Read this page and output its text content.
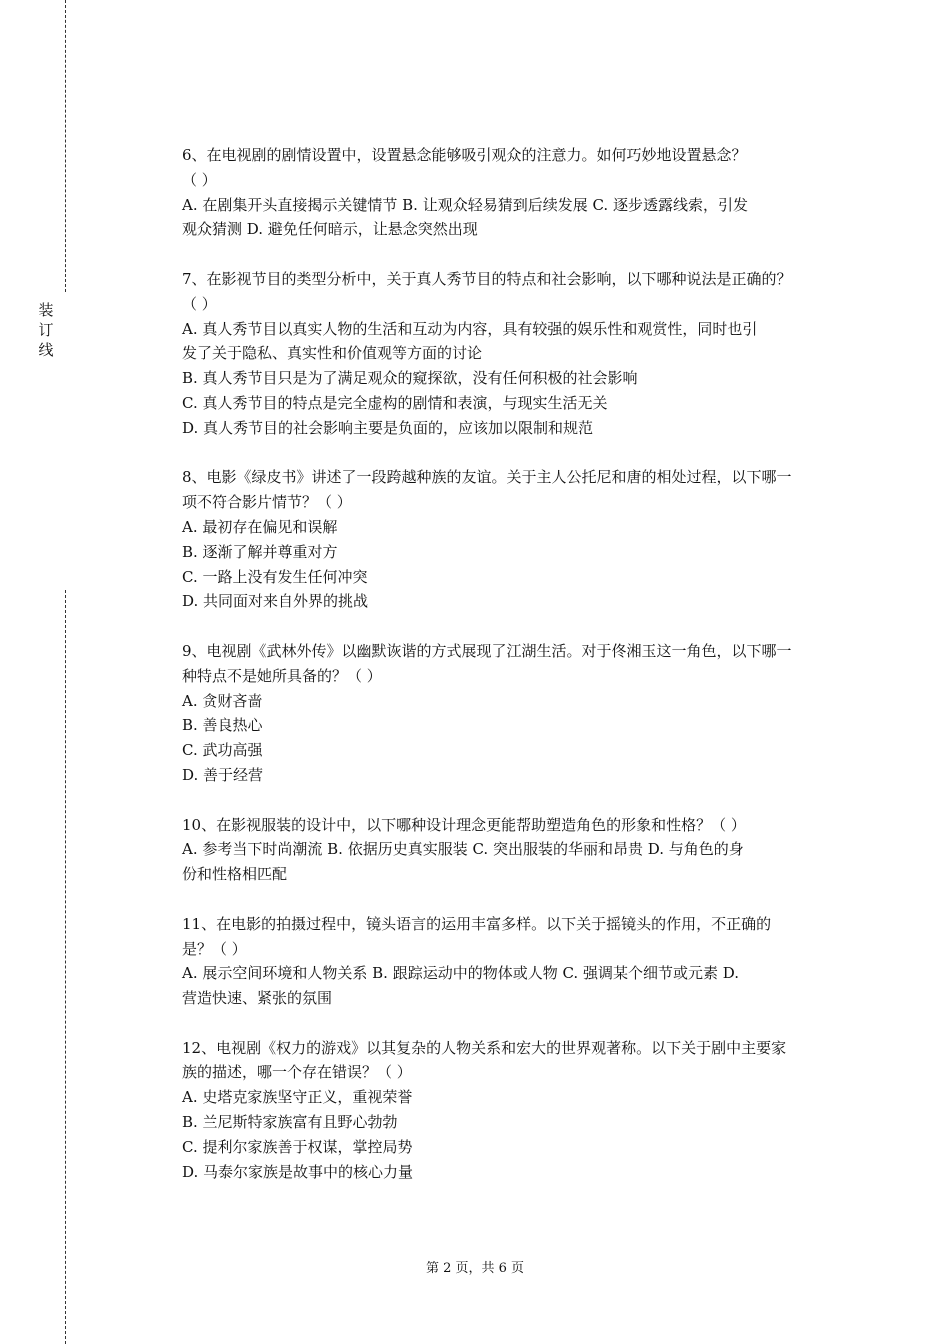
装订线
6、在电视剧的剧情设置中，设置悬念能够吸引观众的注意力。如何巧妙地设置悬念？
（ ）
A. 在剧集开头直接揭示关键情节 B. 让观众轻易猜到后续发展 C. 逐步透露线索，引发
观众猜测 D. 避免任何暗示，让悬念突然出现
7、在影视节目的类型分析中，关于真人秀节目的特点和社会影响，以下哪种说法是正确的？
（ ）
A. 真人秀节目以真实人物的生活和互动为内容，具有较强的娱乐性和观赏性，同时也引
发了关于隐私、真实性和价值观等方面的讨论
B. 真人秀节目只是为了满足观众的窥探欲，没有任何积极的社会影响
C. 真人秀节目的特点是完全虚构的剧情和表演，与现实生活无关
D. 真人秀节目的社会影响主要是负面的，应该加以限制和规范
8、电影《绿皮书》讲述了一段跨越种族的友谊。关于主人公托尼和唐的相处过程，以下哪一
项不符合影片情节？（ ）
A. 最初存在偏见和误解
B. 逐渐了解并尊重对方
C. 一路上没有发生任何冲突
D. 共同面对来自外界的挑战
9、电视剧《武林外传》以幽默诙谐的方式展现了江湖生活。对于佟湘玉这一角色，以下哪一
种特点不是她所具备的？（ ）
A. 贪财吝啬
B. 善良热心
C. 武功高强
D. 善于经营
10、在影视服装的设计中，以下哪种设计理念更能帮助塑造角色的形象和性格？（ ）
A. 参考当下时尚潮流 B. 依据历史真实服装 C. 突出服装的华丽和昂贵 D. 与角色的身
份和性格相匹配
11、在电影的拍摄过程中，镜头语言的运用丰富多样。以下关于摇镜头的作用，不正确的
是？（ ）
A. 展示空间环境和人物关系 B. 跟踪运动中的物体或人物 C. 强调某个细节或元素 D.
营造快速、紧张的氛围
12、电视剧《权力的游戏》以其复杂的人物关系和宏大的世界观著称。以下关于剧中主要家
族的描述，哪一个存在错误？（ ）
A. 史塔克家族坚守正义，重视荣誉
B. 兰尼斯特家族富有且野心勃勃
C. 提利尔家族善于权谋，掌控局势
D. 马泰尔家族是故事中的核心力量
第 2 页，共 6 页
